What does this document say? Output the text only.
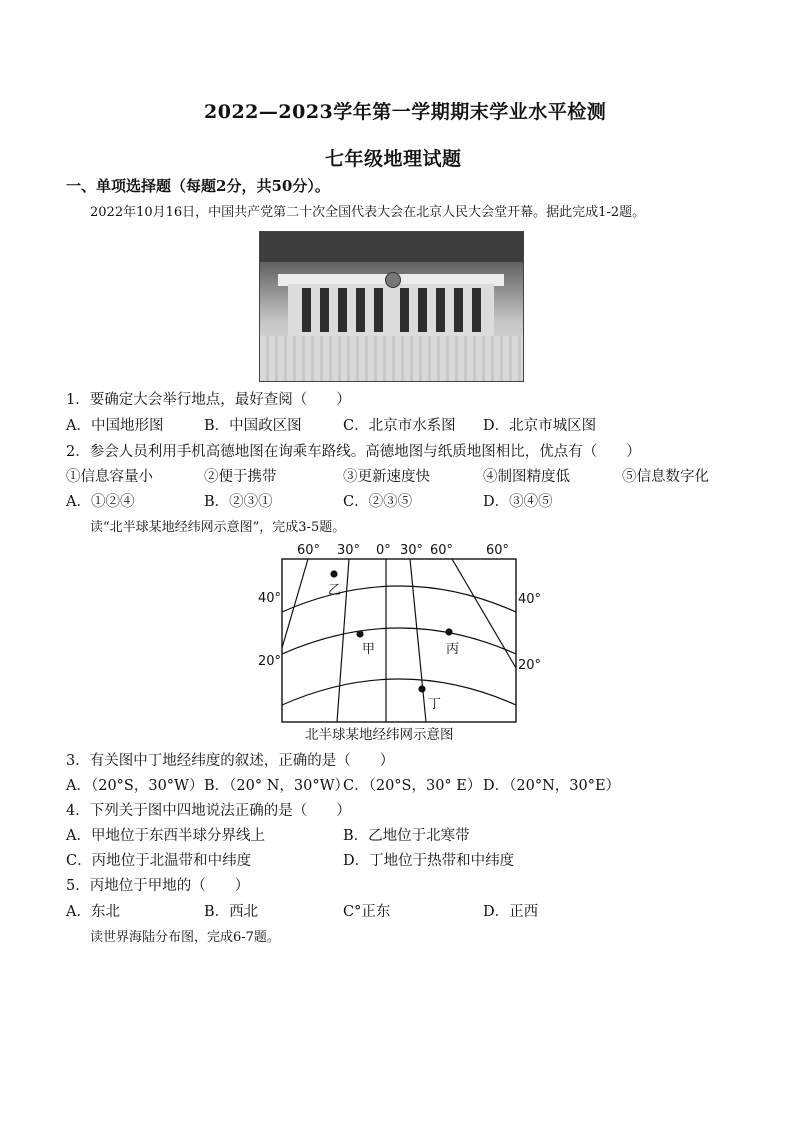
2022—2023学年第一学期期末学业水平检测
七年级地理试题
一、单项选择题（每题2分，共50分）。
2022年10月16日，中国共产党第二十次全国代表大会在北京人民大会堂开幕。据此完成1-2题。
1．要确定大会举行地点，最好查阅（　　）
A．中国地形图	B．中国政区图	C．北京市水系图 D．北京市城区图
2．参会人员利用手机高德地图在询乘车路线。高德地图与纸质地图相比，优点有（　　）
①信息容量小	②便于携带	③更新速度快	④制图精度低	⑤信息数字化
A．①②④	B．②③①	C．②③⑤	D．③④⑤
读“北半球某地经纬网示意图”，完成3-5题。
60° 30° 0° 30° 60°	60°
40°	40°
20°	20°
乙
甲	丙
丁
北半球某地经纬网示意图
3．有关图中丁地经纬度的叙述，正确的是（　　）
A．（20°S，30°W） B．（20° N，30°W）
C．（20°S，30° E） D．（20°N，30°E）
4．下列关于图中四地说法正确的是（　　）
A．甲地位于东西半球分界线上	B．乙地位于北寒带
C．丙地位于北温带和中纬度	D．丁地位于热带和中纬度
5．丙地位于甲地的（　　）
A．东北	B．西北	C°正东	D．正西
读世界海陆分布图，完成6-7题。
